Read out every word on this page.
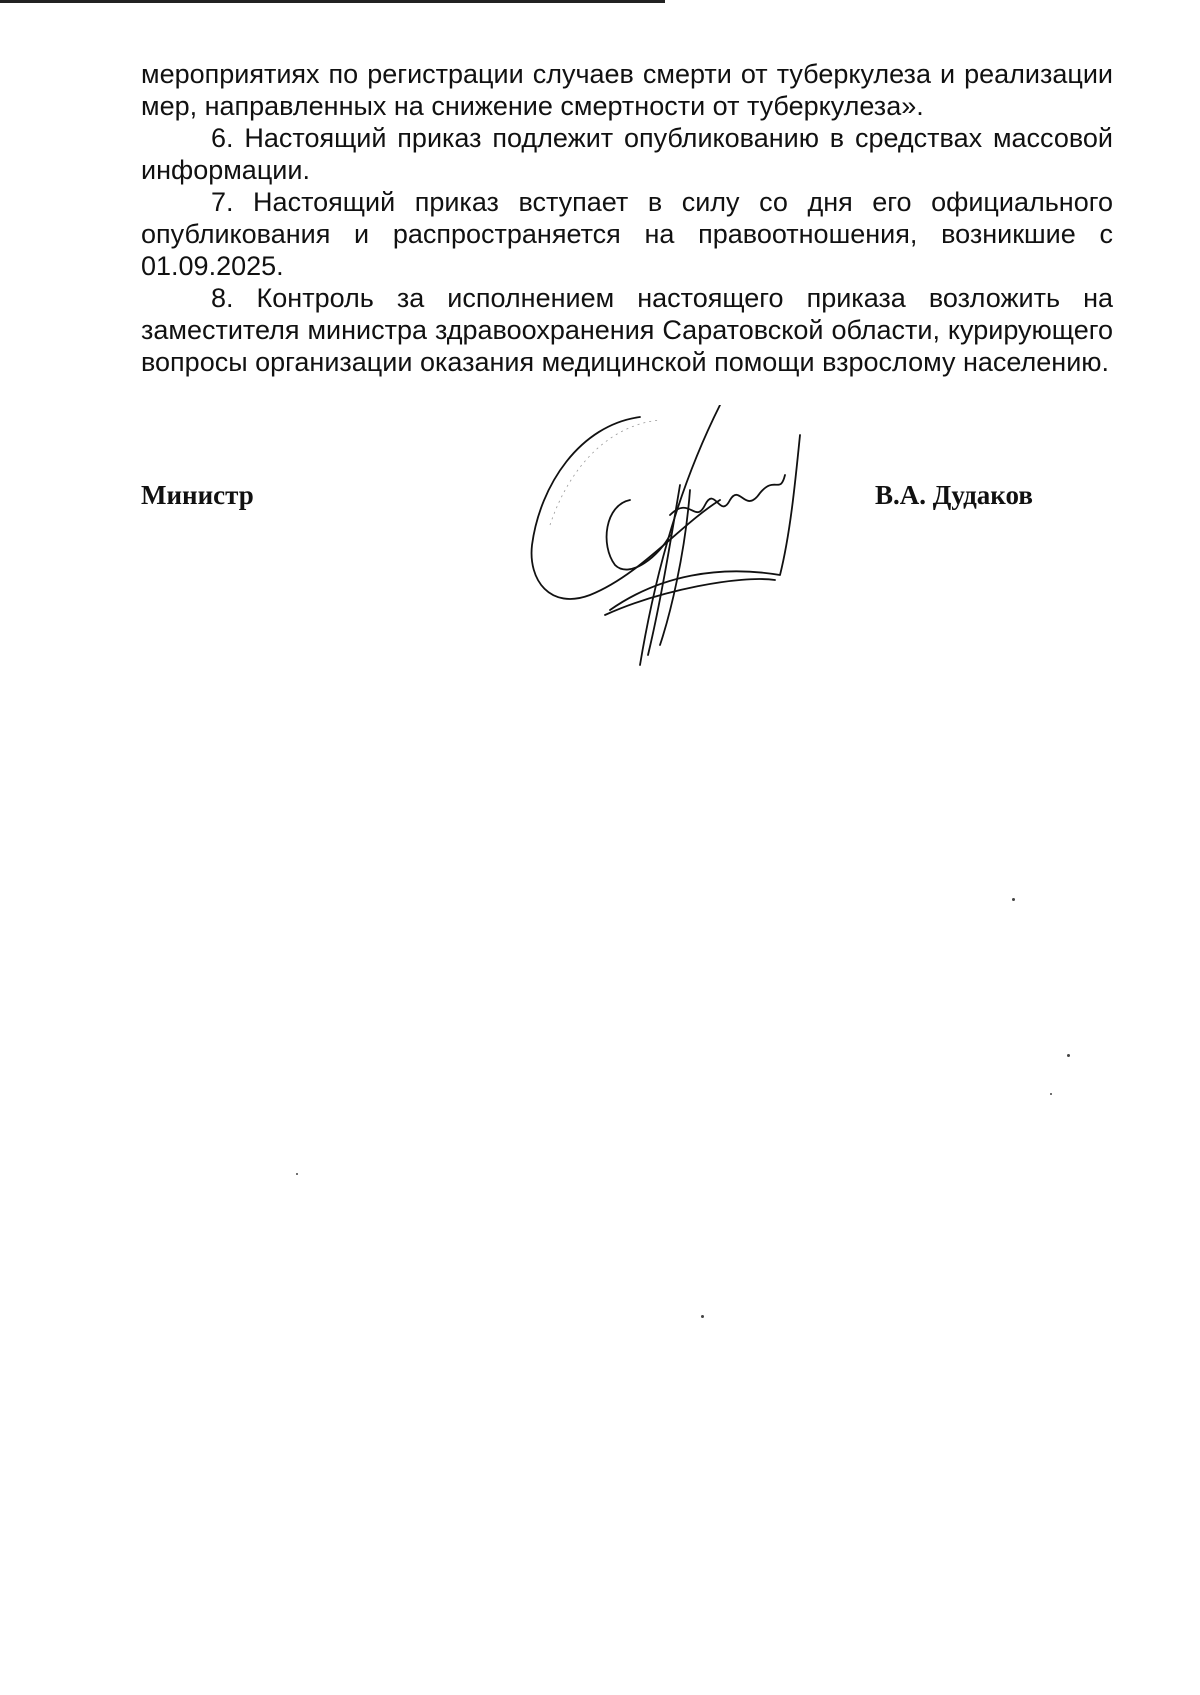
мероприятиях по регистрации случаев смерти от туберкулеза и реализации мер, направленных на снижение смертности от туберкулеза».

6. Настоящий приказ подлежит опубликованию в средствах массовой информации.

7. Настоящий приказ вступает в силу со дня его официального опубликования и распространяется на правоотношения, возникшие с 01.09.2025.

8. Контроль за исполнением настоящего приказа возложить на заместителя министра здравоохранения Саратовской области, курирующего вопросы организации оказания медицинской помощи взрослому населению.

Министр	В.А. Дудаков
